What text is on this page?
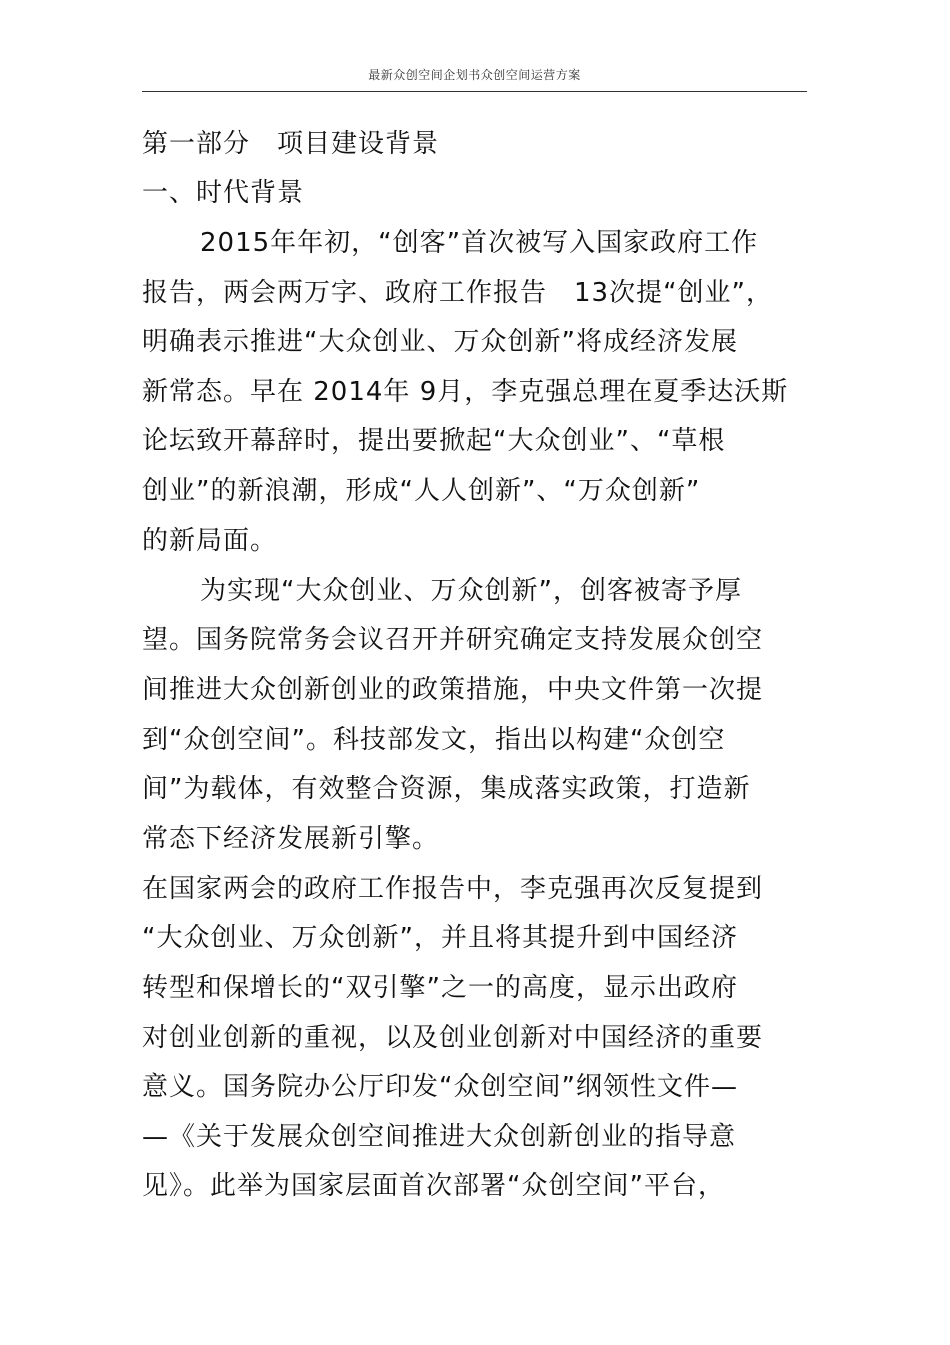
最新众创空间企划书众创空间运营方案
第一部分　项目建设背景
一、时代背景
2015年年初，“创客”首次被写入国家政府工作
报告，两会两万字、政府工作报告　13次提“创业”，
明确表示推进“大众创业、万众创新”将成经济发展
新常态。早在 2014年 9月，李克强总理在夏季达沃斯
论坛致开幕辞时，提出要掀起“大众创业”、“草根
创业”的新浪潮，形成“人人创新”、“万众创新”
的新局面。
为实现“大众创业、万众创新”，创客被寄予厚
望。国务院常务会议召开并研究确定支持发展众创空
间推进大众创新创业的政策措施，中央文件第一次提
到“众创空间”。科技部发文，指出以构建“众创空
间”为载体，有效整合资源，集成落实政策，打造新
常态下经济发展新引擎。
在国家两会的政府工作报告中，李克强再次反复提到
“大众创业、万众创新”，并且将其提升到中国经济
转型和保增长的“双引擎”之一的高度，显示出政府
对创业创新的重视，以及创业创新对中国经济的重要
意义。国务院办公厅印发“众创空间”纲领性文件—
—《关于发展众创空间推进大众创新创业的指导意
见》。此举为国家层面首次部署“众创空间”平台，
